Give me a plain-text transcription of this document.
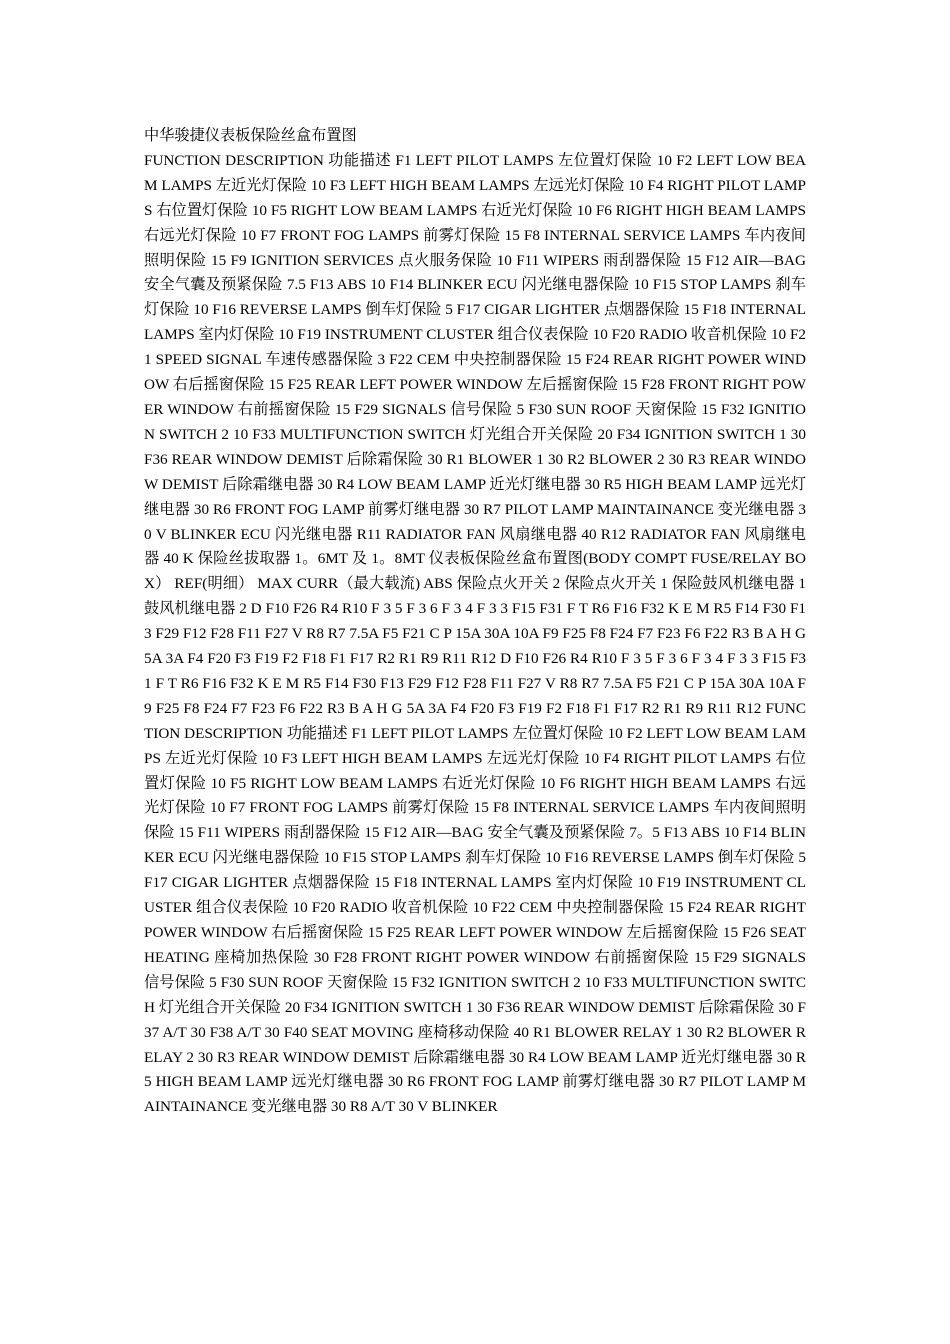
中华骏捷仪表板保险丝盒布置图

FUNCTION DESCRIPTION 功能描述 F1 LEFT PILOT LAMPS 左位置灯保险 10 F2 LEFT LOW BEAM LAMPS 左近光灯保险 10 F3 LEFT HIGH BEAM LAMPS 左远光灯保险 10 F4 RIGHT PILOT LAMPS 右位置灯保险 10 F5 RIGHT LOW BEAM LAMPS 右近光灯保险 10 F6 RIGHT HIGH BEAM LAMPS 右远光灯保险 10 F7 FRONT FOG LAMPS 前雾灯保险 15 F8 INTERNAL SERVICE LAMPS 车内夜间照明保险 15 F9 IGNITION SERVICES 点火服务保险 10 F11 WIPERS 雨刮器保险 15 F12 AIR—BAG 安全气囊及预紧保险 7.5 F13 ABS 10 F14 BLINKER ECU 闪光继电器保险 10 F15 STOP LAMPS 刹车灯保险 10 F16 REVERSE LAMPS 倒车灯保险 5 F17 CIGAR LIGHTER 点烟器保险 15 F18 INTERNAL LAMPS 室内灯保险 10 F19 INSTRUMENT CLUSTER 组合仪表保险 10 F20 RADIO 收音机保险 10 F21 SPEED SIGNAL 车速传感器保险 3 F22 CEM 中央控制器保险 15 F24 REAR RIGHT POWER WINDOW 右后摇窗保险 15 F25 REAR LEFT POWER WINDOW 左后摇窗保险 15 F28 FRONT RIGHT POWER WINDOW 右前摇窗保险 15 F29 SIGNALS 信号保险 5 F30 SUN ROOF 天窗保险 15 F32 IGNITION SWITCH 2 10 F33 MULTIFUNCTION SWITCH 灯光组合开关保险 20 F34 IGNITION SWITCH 1 30 F36 REAR WINDOW DEMIST 后除霜保险 30 R1 BLOWER 1 30 R2 BLOWER 2 30 R3 REAR WINDOW DEMIST 后除霜继电器 30 R4 LOW BEAM LAMP 近光灯继电器 30 R5 HIGH BEAM LAMP 远光灯继电器 30 R6 FRONT FOG LAMP 前雾灯继电器 30 R7 PILOT LAMP MAINTAINANCE 变光继电器 30 V BLINKER ECU 闪光继电器 R11 RADIATOR FAN 风扇继电器 40 R12 RADIATOR FAN 风扇继电器 40 K 保险丝拔取器 1。6MT 及 1。8MT 仪表板保险丝盒布置图(BODY COMPT FUSE/RELAY BOX） REF(明细） MAX CURR（最大载流) ABS 保险点火开关 2 保险点火开关 1 保险鼓风机继电器 1 鼓风机继电器 2 D F10 F26 R4 R10 F 3 5 F 3 6 F 3 4 F 3 3 F15 F31 F T R6 F16 F32 K E M R5 F14 F30 F13 F29 F12 F28 F11 F27 V R8 R7 7.5A F5 F21 C P 15A 30A 10A F9 F25 F8 F24 F7 F23 F6 F22 R3 B A H G 5A 3A F4 F20 F3 F19 F2 F18 F1 F17 R2 R1 R9 R11 R12 D F10 F26 R4 R10 F 3 5 F 3 6 F 3 4 F 3 3 F15 F31 F T R6 F16 F32 K E M R5 F14 F30 F13 F29 F12 F28 F11 F27 V R8 R7 7.5A F5 F21 C P 15A 30A 10A F9 F25 F8 F24 F7 F23 F6 F22 R3 B A H G 5A 3A F4 F20 F3 F19 F2 F18 F1 F17 R2 R1 R9 R11 R12 FUNCTION DESCRIPTION 功能描述 F1 LEFT PILOT LAMPS 左位置灯保险 10 F2 LEFT LOW BEAM LAMPS 左近光灯保险 10 F3 LEFT HIGH BEAM LAMPS 左远光灯保险 10 F4 RIGHT PILOT LAMPS 右位置灯保险 10 F5 RIGHT LOW BEAM LAMPS 右近光灯保险 10 F6 RIGHT HIGH BEAM LAMPS 右远光灯保险 10 F7 FRONT FOG LAMPS 前雾灯保险 15 F8 INTERNAL SERVICE LAMPS 车内夜间照明保险 15 F11 WIPERS 雨刮器保险 15 F12 AIR—BAG 安全气囊及预紧保险 7。5 F13 ABS 10 F14 BLINKER ECU 闪光继电器保险 10 F15 STOP LAMPS 刹车灯保险 10 F16 REVERSE LAMPS 倒车灯保险 5 F17 CIGAR LIGHTER 点烟器保险 15 F18 INTERNAL LAMPS 室内灯保险 10 F19 INSTRUMENT CLUSTER 组合仪表保险 10 F20 RADIO 收音机保险 10 F22 CEM 中央控制器保险 15 F24 REAR RIGHT POWER WINDOW 右后摇窗保险 15 F25 REAR LEFT POWER WINDOW 左后摇窗保险 15 F26 SEAT HEATING 座椅加热保险 30 F28 FRONT RIGHT POWER WINDOW 右前摇窗保险 15 F29 SIGNALS 信号保险 5 F30 SUN ROOF 天窗保险 15 F32 IGNITION SWITCH 2 10 F33 MULTIFUNCTION SWITCH 灯光组合开关保险 20 F34 IGNITION SWITCH 1 30 F36 REAR WINDOW DEMIST 后除霜保险 30 F37 A/T 30 F38 A/T 30 F40 SEAT MOVING 座椅移动保险 40 R1 BLOWER RELAY 1 30 R2 BLOWER RELAY 2 30 R3 REAR WINDOW DEMIST 后除霜继电器 30 R4 LOW BEAM LAMP 近光灯继电器 30 R5 HIGH BEAM LAMP 远光灯继电器 30 R6 FRONT FOG LAMP 前雾灯继电器 30 R7 PILOT LAMP MAINTAINANCE 变光继电器 30 R8 A/T 30 V BLINKER
